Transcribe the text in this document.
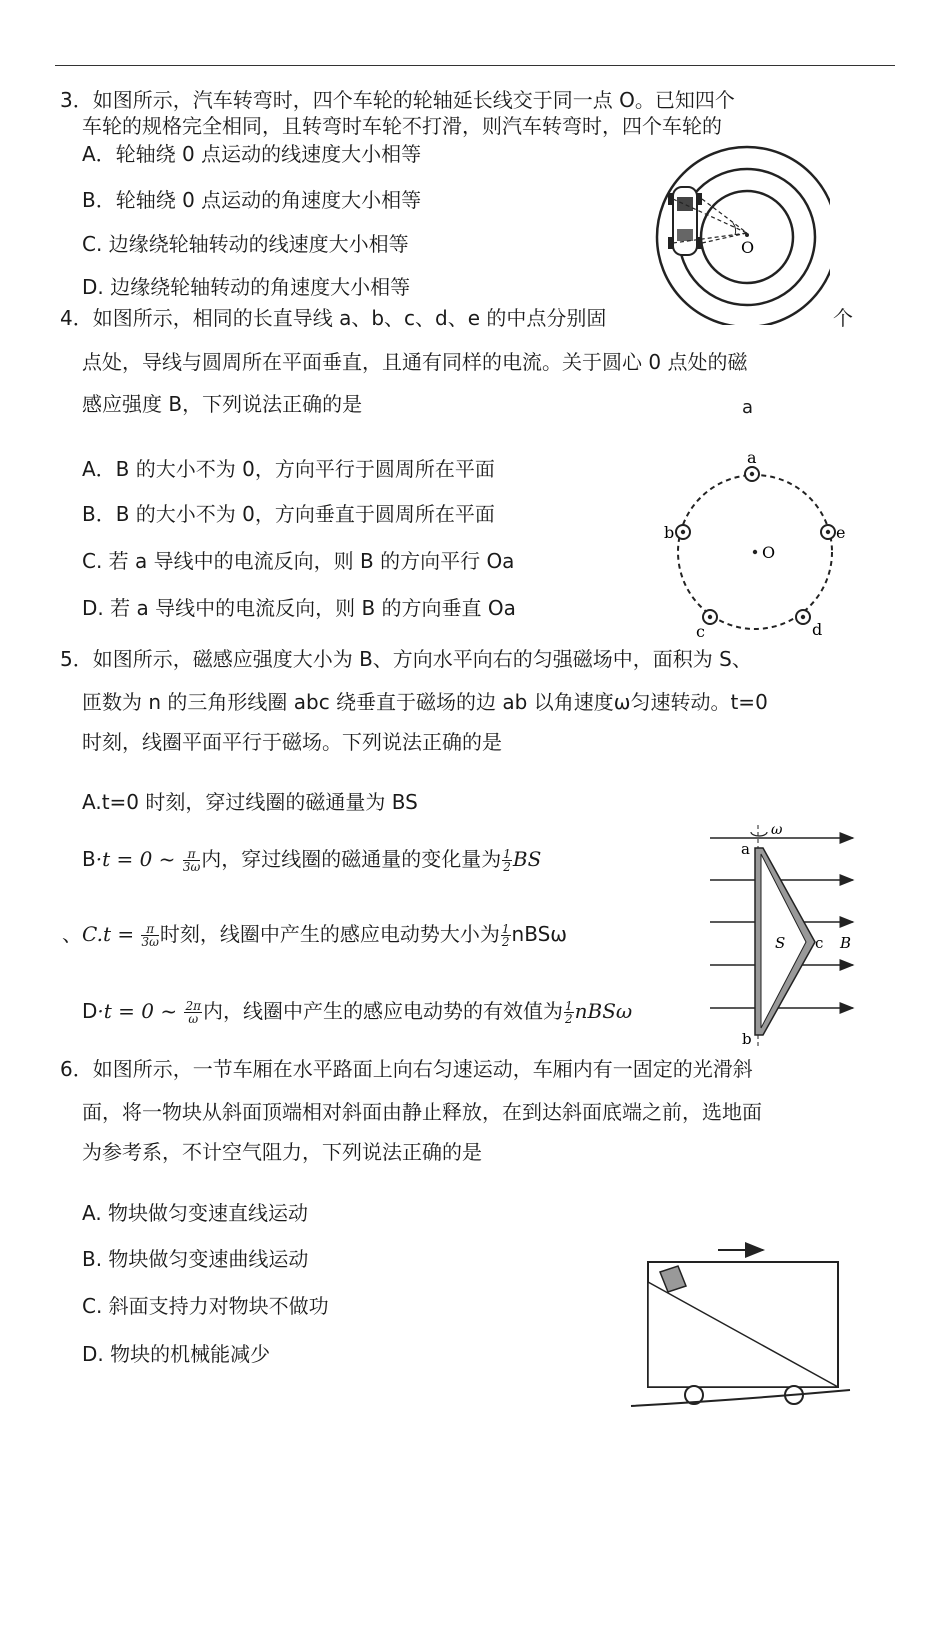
3．如图所示，汽车转弯时，四个车轮的轮轴延长线交于同一点 O。已知四个
车轮的规格完全相同，且转弯时车轮不打滑，则汽车转弯时，四个车轮的
A．轮轴绕 0 点运动的线速度大小相等
B．轮轴绕 0 点运动的角速度大小相等
C. 边缘绕轮轴转动的线速度大小相等
D. 边缘绕轮轴转动的角速度大小相等
O
4．如图所示，相同的长直导线 a、b、c、d、e 的中点分别固	个
点处，导线与圆周所在平面垂直，且通有同样的电流。关于圆心 0 点处的磁
感应强度 B，下列说法正确的是	a
A．B 的大小不为 0，方向平行于圆周所在平面
B．B 的大小不为 0，方向垂直于圆周所在平面
C. 若 a 导线中的电流反向，则 B 的方向平行 Oa
D. 若 a 导线中的电流反向，则 B 的方向垂直 Oa
a
b	e
c	d
O
5．如图所示，磁感应强度大小为 B、方向水平向右的匀强磁场中，面积为 S、
匝数为 n 的三角形线圈 abc 绕垂直于磁场的边 ab 以角速度ω匀速转动。t=0
时刻，线圈平面平行于磁场。下列说法正确的是
A.t=0 时刻，穿过线圈的磁通量为 BS
B·t = 0 ~ $\frac{\pi}{3\omega}$ 内，穿过线圈的磁通量的变化量为 $\frac{1}{2}$ BS
、$C.t = \frac{\pi}{3\omega}$ 时刻，线圈中产生的感应电动势大小为 $\frac{1}{2}$ nBSω
D·t = 0 ~ $\frac{2\pi}{\omega}$ 内，线圈中产生的感应电动势的有效值为 $\frac{1}{2}$ nBSω
a
b
c
S	B
ω
6．如图所示，一节车厢在水平路面上向右匀速运动，车厢内有一固定的光滑斜
面，将一物块从斜面顶端相对斜面由静止释放，在到达斜面底端之前，选地面
为参考系，不计空气阻力，下列说法正确的是
A. 物块做匀变速直线运动
B. 物块做匀变速曲线运动
C. 斜面支持力对物块不做功
D. 物块的机械能减少
